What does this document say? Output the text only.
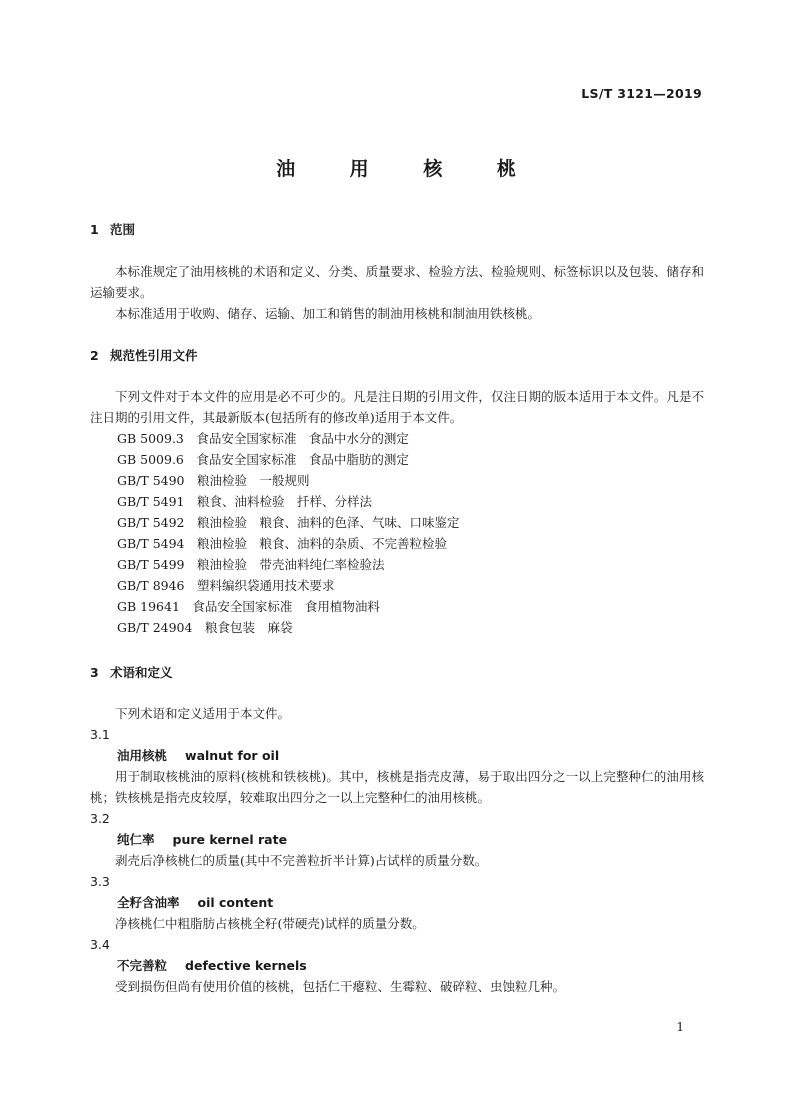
LS/T 3121—2019
油 用 核 桃
1 范围
本标准规定了油用核桃的术语和定义、分类、质量要求、检验方法、检验规则、标签标识以及包装、储存和运输要求。
本标准适用于收购、储存、运输、加工和销售的制油用核桃和制油用铁核桃。
2 规范性引用文件
下列文件对于本文件的应用是必不可少的。凡是注日期的引用文件，仅注日期的版本适用于本文件。凡是不注日期的引用文件，其最新版本(包括所有的修改单)适用于本文件。
GB 5009.3　食品安全国家标准　食品中水分的测定
GB 5009.6　食品安全国家标准　食品中脂肪的测定
GB/T 5490　粮油检验　一般规则
GB/T 5491　粮食、油料检验　扦样、分样法
GB/T 5492　粮油检验　粮食、油料的色泽、气味、口味鉴定
GB/T 5494　粮油检验　粮食、油料的杂质、不完善粒检验
GB/T 5499　粮油检验　带壳油料纯仁率检验法
GB/T 8946　塑料编织袋通用技术要求
GB 19641　食品安全国家标准　食用植物油料
GB/T 24904　粮食包装　麻袋
3 术语和定义
下列术语和定义适用于本文件。
3.1
油用核桃 walnut for oil
用于制取核桃油的原料(核桃和铁核桃)。其中，核桃是指壳皮薄，易于取出四分之一以上完整种仁的油用核桃；铁核桃是指壳皮较厚，较难取出四分之一以上完整种仁的油用核桃。
3.2
纯仁率 pure kernel rate
剥壳后净核桃仁的质量(其中不完善粒折半计算)占试样的质量分数。
3.3
全籽含油率 oil content
净核桃仁中粗脂肪占核桃全籽(带硬壳)试样的质量分数。
3.4
不完善粒 defective kernels
受到损伤但尚有使用价值的核桃，包括仁干瘪粒、生霉粒、破碎粒、虫蚀粒几种。
1
